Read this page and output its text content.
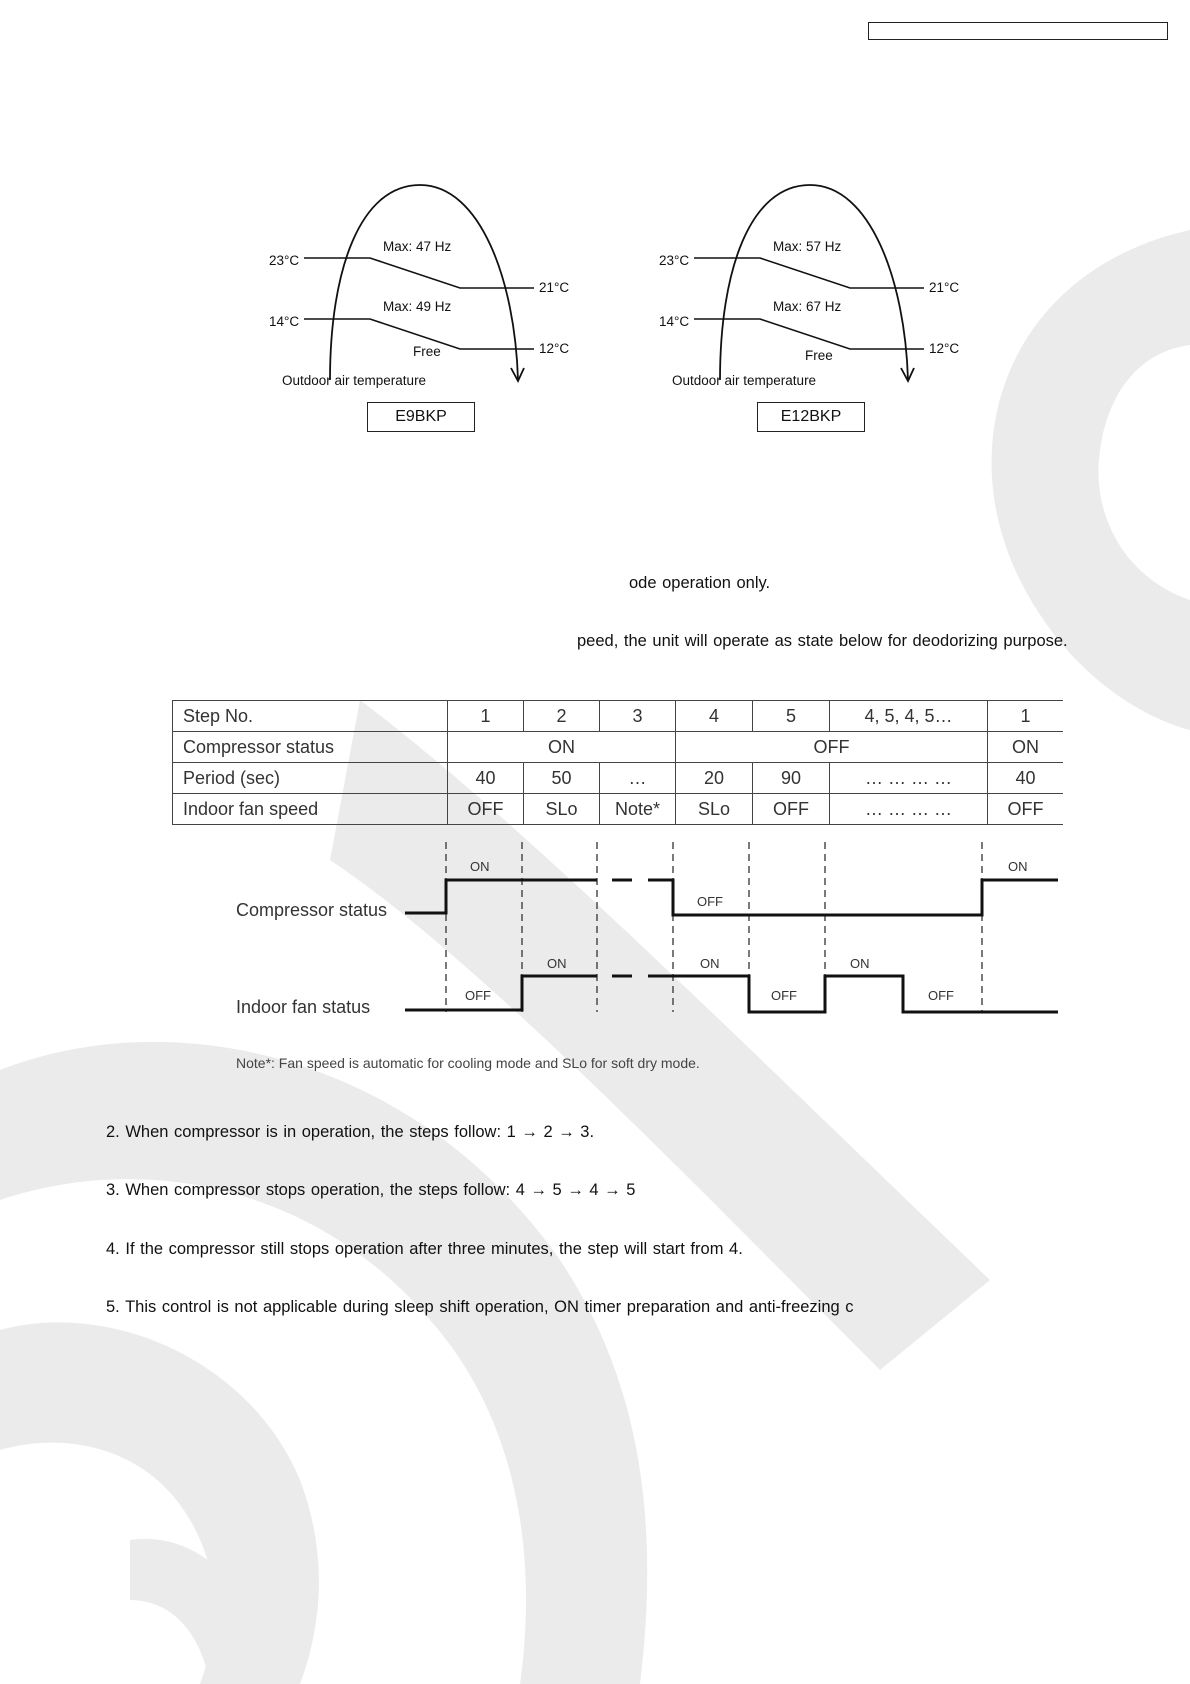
Max: 47 Hz
Max: 49 Hz
Free
23°C
14°C
21°C
12°C
Outdoor air temperature
E9BKP
Max: 57 Hz
Max: 67 Hz
Free
23°C
14°C
21°C
12°C
Outdoor air temperature
E12BKP
ode operation only.
peed, the unit will operate as state below for deodorizing purpose.
Step No.	1	2	3	4	5	4, 5, 4, 5…	1
Compressor status	ON			OFF			ON
Period (sec)	40	50	…	20	90	… … … …	40
Indoor fan speed	OFF	SLo	Note*	SLo	OFF	… … … …	OFF
Compressor status
Indoor fan status
ON
OFF
ON
OFF
ON	ON
OFF
ON
OFF
Note*: Fan speed is automatic for cooling mode and SLo for soft dry mode.
2. When compressor is in operation, the steps follow: 1 → 2 → 3.
3. When compressor stops operation, the steps follow: 4 → 5 → 4 → 5
4. If the compressor still stops operation after three minutes, the step will start from 4.
5. This control is not applicable during sleep shift operation, ON timer preparation and anti-freezing c
